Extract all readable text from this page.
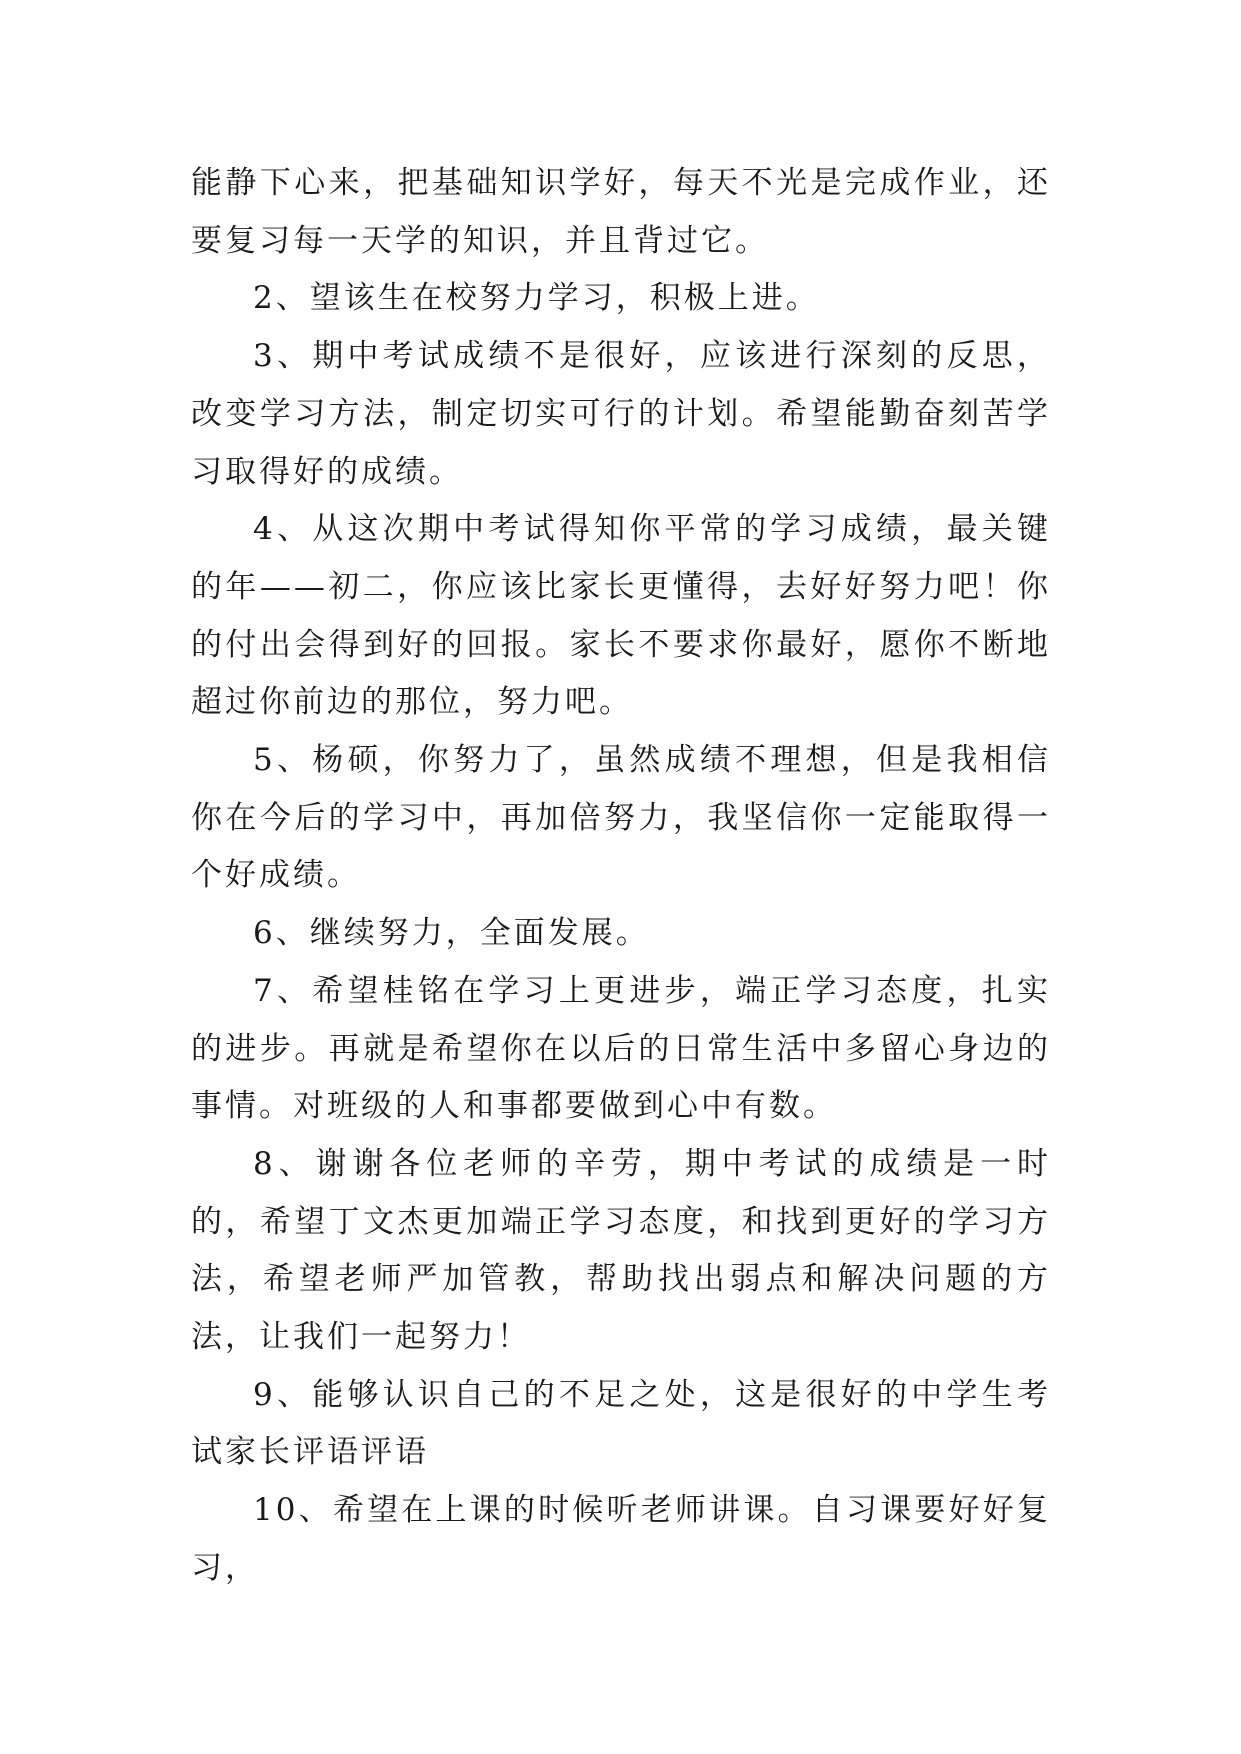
能静下心来，把基础知识学好，每天不光是完成作业，还要复习每一天学的知识，并且背过它。

2、望该生在校努力学习，积极上进。

3、期中考试成绩不是很好，应该进行深刻的反思，改变学习方法，制定切实可行的计划。希望能勤奋刻苦学习取得好的成绩。

4、从这次期中考试得知你平常的学习成绩，最关键的年——初二，你应该比家长更懂得，去好好努力吧！你的付出会得到好的回报。家长不要求你最好，愿你不断地超过你前边的那位，努力吧。

5、杨硕，你努力了，虽然成绩不理想，但是我相信你在今后的学习中，再加倍努力，我坚信你一定能取得一个好成绩。

6、继续努力，全面发展。

7、希望桂铭在学习上更进步，端正学习态度，扎实的进步。再就是希望你在以后的日常生活中多留心身边的事情。对班级的人和事都要做到心中有数。

8、谢谢各位老师的辛劳，期中考试的成绩是一时的，希望丁文杰更加端正学习态度，和找到更好的学习方法，希望老师严加管教，帮助找出弱点和解决问题的方法，让我们一起努力！

9、能够认识自己的不足之处，这是很好的中学生考试家长评语评语

10、希望在上课的时候听老师讲课。自习课要好好复习，
